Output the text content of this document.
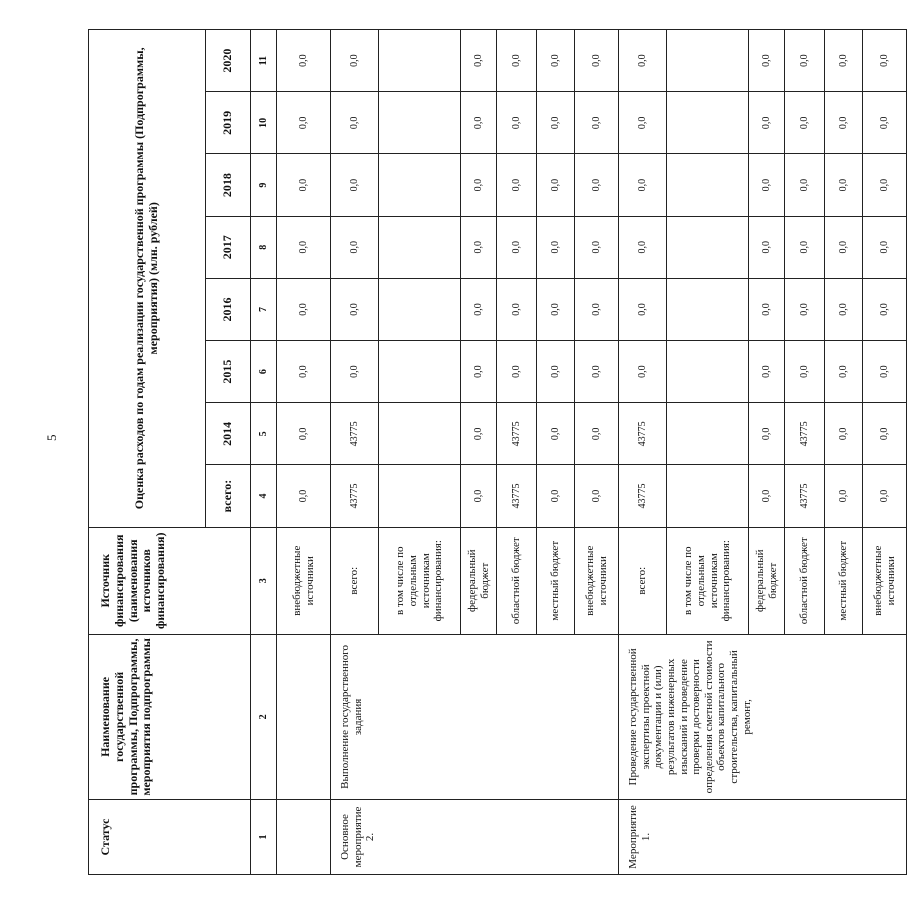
5
Статус	Наименование государственной программы, Подпрограммы, мероприятия подпрограммы	Источник финансирования (наименования источников финансирования)	Оценка расходов по годам реализации государственной программы (Подпрограммы, мероприятия) (млн. рублей)							
			всего:	2014	2015	2016	2017	2018	2019	2020
1	2	3	4	5	6	7	8	9	10	11
		внебюджетные источники	0,0	0,0	0,0	0,0	0,0	0,0	0,0	0,0
Основное мероприятие 2.	Выполнение государственного задания	всего:	43775	43775	0,0	0,0	0,0	0,0	0,0	0,0
		в том числе по отдельным источникам финансирования:								
		федеральный бюджет	0,0	0,0	0,0	0,0	0,0	0,0	0,0	0,0
		областной бюджет	43775	43775	0,0	0,0	0,0	0,0	0,0	0,0
		местный бюджет	0,0	0,0	0,0	0,0	0,0	0,0	0,0	0,0
		внебюджетные источники	0,0	0,0	0,0	0,0	0,0	0,0	0,0	0,0
Мероприятие 1.	Проведение государственной экспертизы проектной документации и (или) результатов инженерных изысканий и проведение проверки достоверности определения сметной стоимости объектов капитального строительства, капитальный ремонт,	всего:	43775	43775	0,0	0,0	0,0	0,0	0,0	0,0
		в том числе по отдельным источникам финансирования:								
		федеральный бюджет	0,0	0,0	0,0	0,0	0,0	0,0	0,0	0,0
		областной бюджет	43775	43775	0,0	0,0	0,0	0,0	0,0	0,0
		местный бюджет	0,0	0,0	0,0	0,0	0,0	0,0	0,0	0,0
		внебюджетные источники	0,0	0,0	0,0	0,0	0,0	0,0	0,0	0,0
